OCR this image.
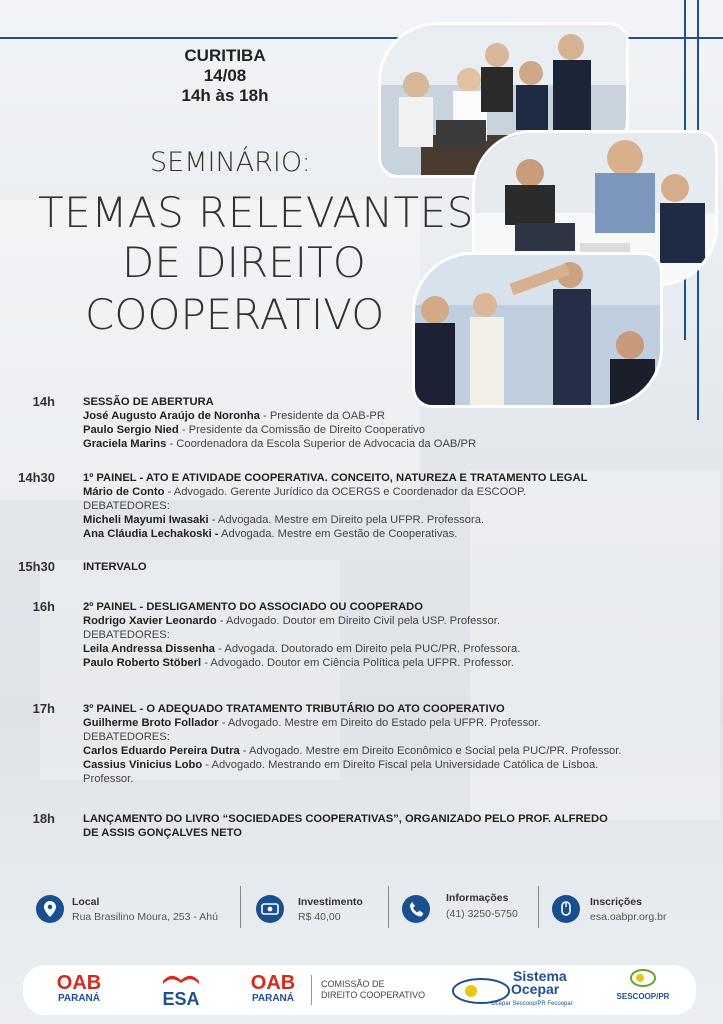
CURITIBA
14/08
14h às 18h
SEMINÁRIO:
TEMAS RELEVANTES
DE DIREITO
COOPERATIVO
14h	SESSÃO DE ABERTURA
José Augusto Araújo de Noronha - Presidente da OAB-PR
Paulo Sergio Nied - Presidente da Comissão de Direito Cooperativo
Graciela Marins - Coordenadora da Escola Superior de Advocacia da OAB/PR
14h30	1º PAINEL - ATO E ATIVIDADE COOPERATIVA. CONCEITO, NATUREZA E TRATAMENTO LEGAL
Mário de Conto - Advogado. Gerente Jurídico da OCERGS e Coordenador da ESCOOP.
DEBATEDORES:
Micheli Mayumi Iwasaki - Advogada. Mestre em Direito pela UFPR. Professora.
Ana Cláudia Lechakoski - Advogada. Mestre em Gestão de Cooperativas.
15h30	INTERVALO
16h	2º PAINEL - DESLIGAMENTO DO ASSOCIADO OU COOPERADO
Rodrigo Xavier Leonardo - Advogado. Doutor em Direito Civil pela USP. Professor.
DEBATEDORES:
Leila Andressa Dissenha - Advogada. Doutorado em Direito pela PUC/PR. Professora.
Paulo Roberto Stöberl - Advogado. Doutor em Ciência Política pela UFPR. Professor.
17h	3º PAINEL - O ADEQUADO TRATAMENTO TRIBUTÁRIO DO ATO COOPERATIVO
Guilherme Broto Follador - Advogado. Mestre em Direito do Estado pela UFPR. Professor.
DEBATEDORES:
Carlos Eduardo Pereira Dutra - Advogado. Mestre em Direito Econômico e Social pela PUC/PR. Professor.
Cassius Vinicius Lobo - Advogado. Mestrando em Direito Fiscal pela Universidade Católica de Lisboa.
Professor.
18h	LANÇAMENTO DO LIVRO “SOCIEDADES COOPERATIVAS”, ORGANIZADO PELO PROF. ALFREDO
DE ASSIS GONÇALVES NETO
Local
Rua Brasilino Moura, 253 - Ahú
Investimento
R$ 40,00
Informações
(41) 3250-5750
Inscrições
esa.oabpr.org.br
OAB
PARANÁ	ESA
OAB
PARANÁ
COMISSÃO DE
DIREITO COOPERATIVO
Sistema
Ocepar
Ocepar Sescoop/PR Fecoopar
SESCOOP/PR
